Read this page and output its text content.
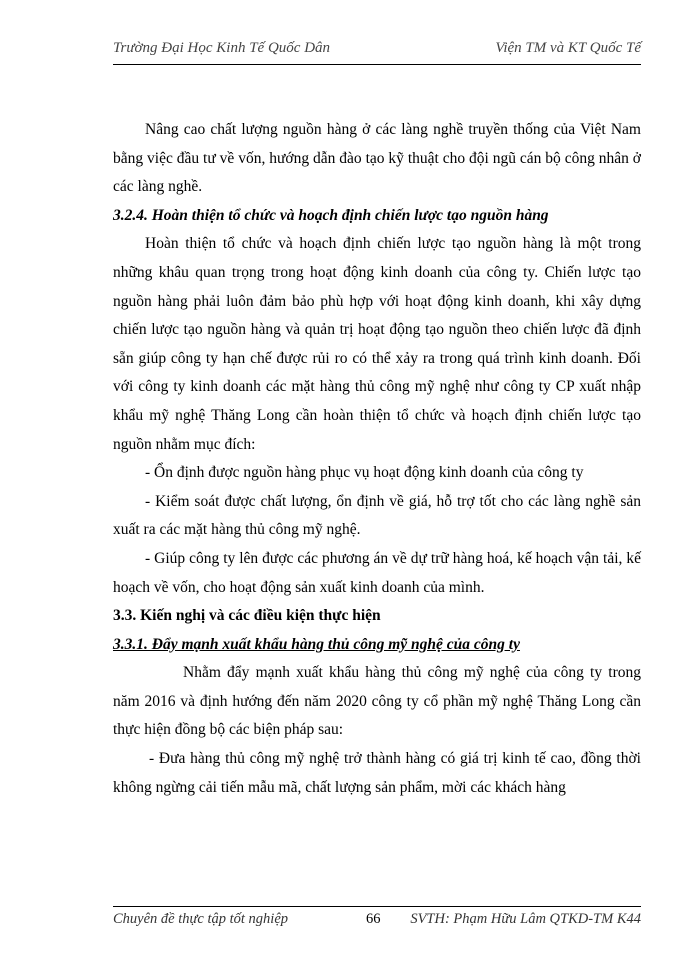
Trường Đại Học Kinh Tế Quốc Dân	Viện TM và KT Quốc Tế

Nâng cao chất lượng nguồn hàng ở các làng nghề truyền thống của Việt Nam bằng việc đầu tư về vốn, hướng dẫn đào tạo kỹ thuật cho đội ngũ cán bộ công nhân ở các làng nghề.

3.2.4. Hoàn thiện tổ chức và hoạch định chiến lược tạo nguồn hàng

Hoàn thiện tổ chức và hoạch định chiến lược tạo nguồn hàng là một trong những khâu quan trọng trong hoạt động kinh doanh của công ty. Chiến lược tạo nguồn hàng phải luôn đảm bảo phù hợp với hoạt động kinh doanh, khi xây dựng chiến lược tạo nguồn hàng và quản trị hoạt động tạo nguồn theo chiến lược đã định sẵn giúp công ty hạn chế được rủi ro có thể xảy ra trong quá trình kinh doanh. Đối với công ty kinh doanh các mặt hàng thủ công mỹ nghệ như công ty CP xuất nhập khẩu mỹ nghệ Thăng Long cần hoàn thiện tổ chức và hoạch định chiến lược tạo nguồn nhằm mục đích:

- Ổn định được nguồn hàng phục vụ hoạt động kinh doanh của công ty

- Kiểm soát được chất lượng, ổn định về giá, hỗ trợ tốt cho các làng nghề sản xuất ra các mặt hàng thủ công mỹ nghệ.

- Giúp công ty lên được các phương án về dự trữ hàng hoá, kế hoạch vận tải, kế hoạch về vốn, cho hoạt động sản xuất kinh doanh của mình.

3.3. Kiến nghị và các điều kiện thực hiện

3.3.1. Đẩy mạnh xuất khẩu hàng thủ công mỹ nghệ của công ty

Nhằm đẩy mạnh xuất khẩu hàng thủ công mỹ nghệ của công ty trong năm 2016 và định hướng đến năm 2020 công ty cổ phần mỹ nghệ Thăng Long cần thực hiện đồng bộ các biện pháp sau:

- Đưa hàng thủ công mỹ nghệ trở thành hàng có giá trị kinh tế cao, đồng thời không ngừng cải tiến mẫu mã, chất lượng sản phẩm, mời các khách hàng

Chuyên đề thực tập tốt nghiệp	66 SVTH: Phạm Hữu Lâm QTKD-TM K44
